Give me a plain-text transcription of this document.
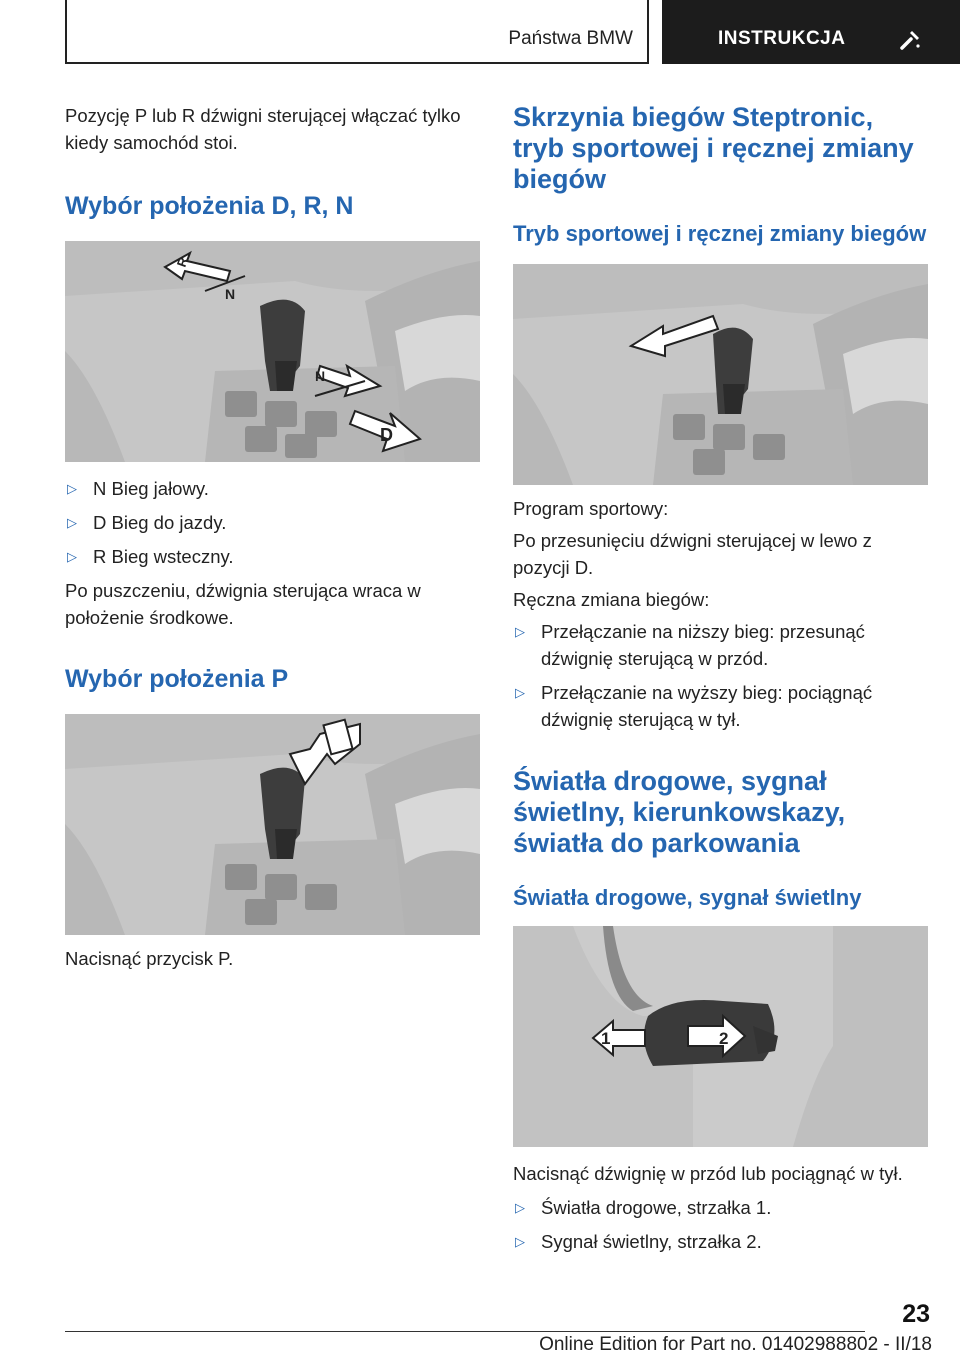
Państwa BMW	INSTRUKCJA

Pozycję P lub R dźwigni sterującej włączać tylko kiedy samochód stoi.

Wybór położenia D, R, N
R
N
N
D
▷ N Bieg jałowy.
▷ D Bieg do jazdy.
▷ R Bieg wsteczny.

Po puszczeniu, dźwignia sterująca wraca w położenie środkowe.

Wybór położenia P

Nacisnąć przycisk P.

Skrzynia biegów Steptronic, tryb sportowej i ręcznej zmiany biegów
Tryb sportowej i ręcznej zmiany biegów

Program sportowy:

Po przesunięciu dźwigni sterującej w lewo z pozycji D.

Ręczna zmiana biegów:

▷ Przełączanie na niższy bieg: przesunąć dźwignię sterującą w przód.
▷ Przełączanie na wyższy bieg: pociągnąć dźwignię sterującą w tył.
Światła drogowe, sygnał świetlny, kierunkowskazy, światła do parkowania
Światła drogowe, sygnał świetlny
1	2

Nacisnąć dźwignię w przód lub pociągnąć w tył.

▷ Światła drogowe, strzałka 1.
▷ Sygnał świetlny, strzałka 2.
23
Online Edition for Part no. 01402988802 - II/18
